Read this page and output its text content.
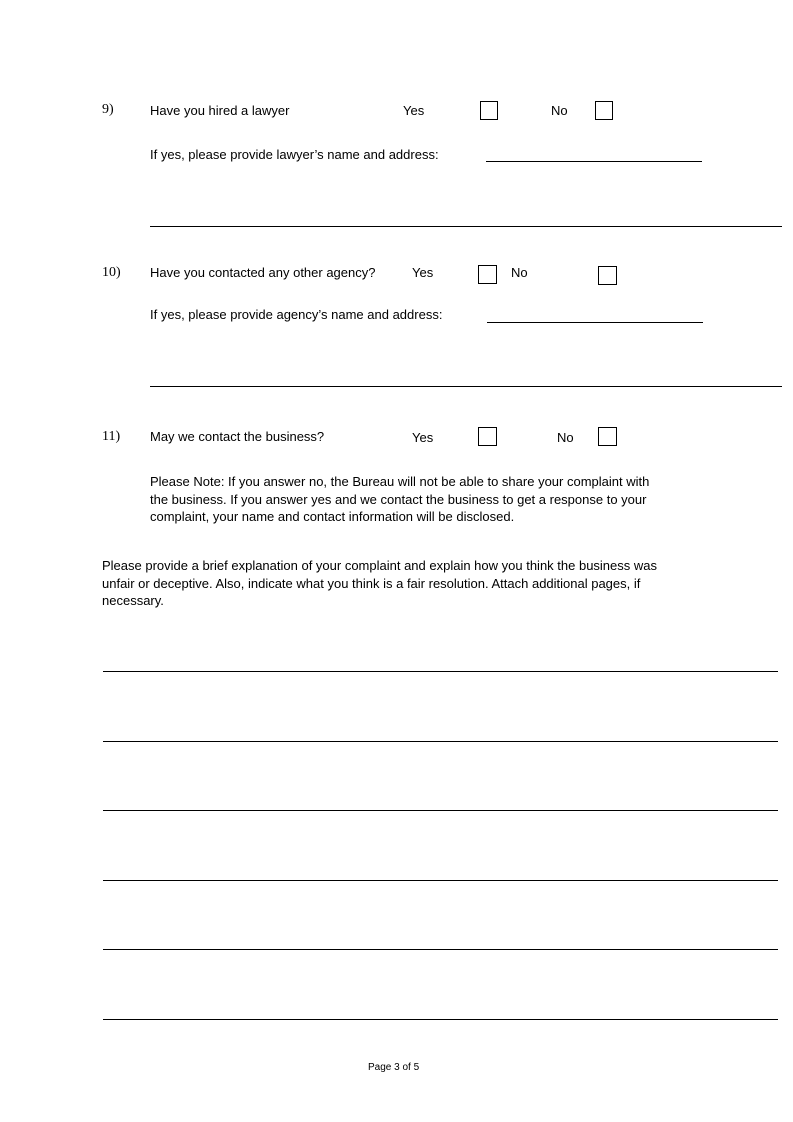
9)	Have you hired a lawyer	Yes	No
If yes, please provide lawyer’s name and address:
10) Have you contacted any other agency?	Yes	No
If yes, please provide agency’s name and address:
11) May we contact the business?	Yes	No
Please Note: If you answer no, the Bureau will not be able to share your complaint with the business. If you answer yes and we contact the business to get a response to your complaint, your name and contact information will be disclosed.
Please provide a brief explanation of your complaint and explain how you think the business was unfair or deceptive. Also, indicate what you think is a fair resolution. Attach additional pages, if necessary.
Page 3 of 5
